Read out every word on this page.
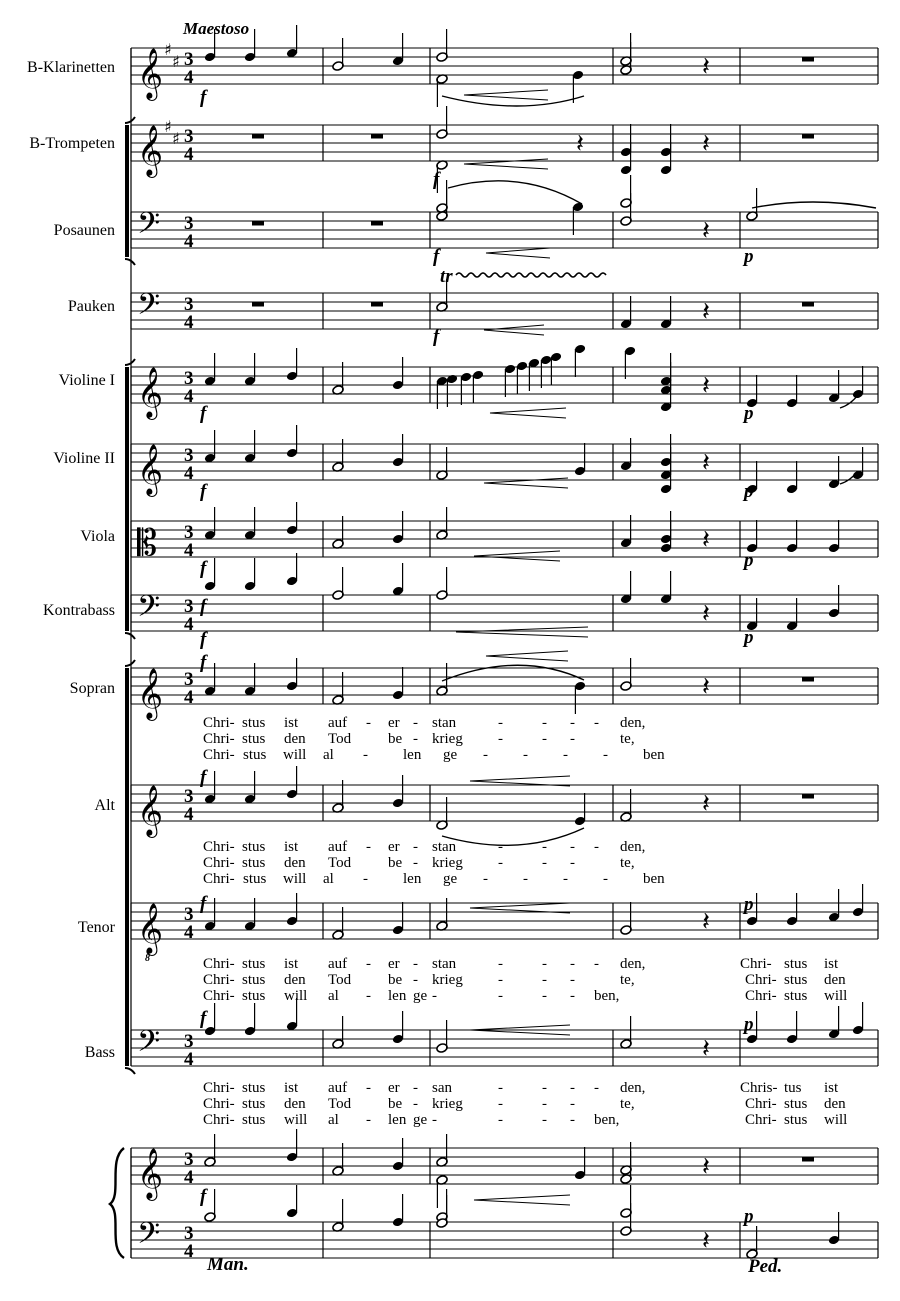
𝄞 ♯
♯ 3
4
𝄞 ♯
♯ 3
4
𝄢 3
4
𝄢 3
4
𝄞 3
4
𝄞 3
4
𝄡 3
4
𝄢 3
4
𝄞 3
4
𝄞 3
4
𝄞
8
3
4
𝄢 3
4
𝄞 3
4
𝄢 3
4
𝄽
𝄽	𝄽
𝄽
𝄽
𝄽
𝄽
𝄽
𝄽
𝄽
𝄽
𝄽
𝄽
𝄽
𝄽
Maestoso
B-Klarinetten
B-Trompeten
Posaunen
Pauken
Violine I
Violine II
Viola
Kontrabass
Sopran
Alt
Tenor
Bass
f
f
f
f
f
f
f
f
f
f
f
f
f
f
p
p
p
p
p
p
p
p
Chri- stus ist auf - er - stan	-	- - - den,
Chri- stus den Tod be - krieg -	- -	te,
Chri- stus will al - len ge - - - - ben
Chri- stus ist auf - er - stan	-	- - - den,
Chri- stus den Tod be - krieg -	- -	te,
Chri- stus will al - len ge - - - - ben
Chri- stus ist auf - er - stan	-	- - - den,	Chri- stus ist
Chri- stus den Tod be - krieg -	- -	te,	Chri- stus den
Chri- stus will al - len ge -	-	- - ben,	Chri- stus will
Chri- stus ist auf - er - san	-	- - - den,	Chris- tus ist
Chri- stus den Tod be - krieg -	- -	te,	Chri- stus den
Chri- stus will al - len ge -	-	- - ben,	Chri- stus will
tr
Man.	Ped.
